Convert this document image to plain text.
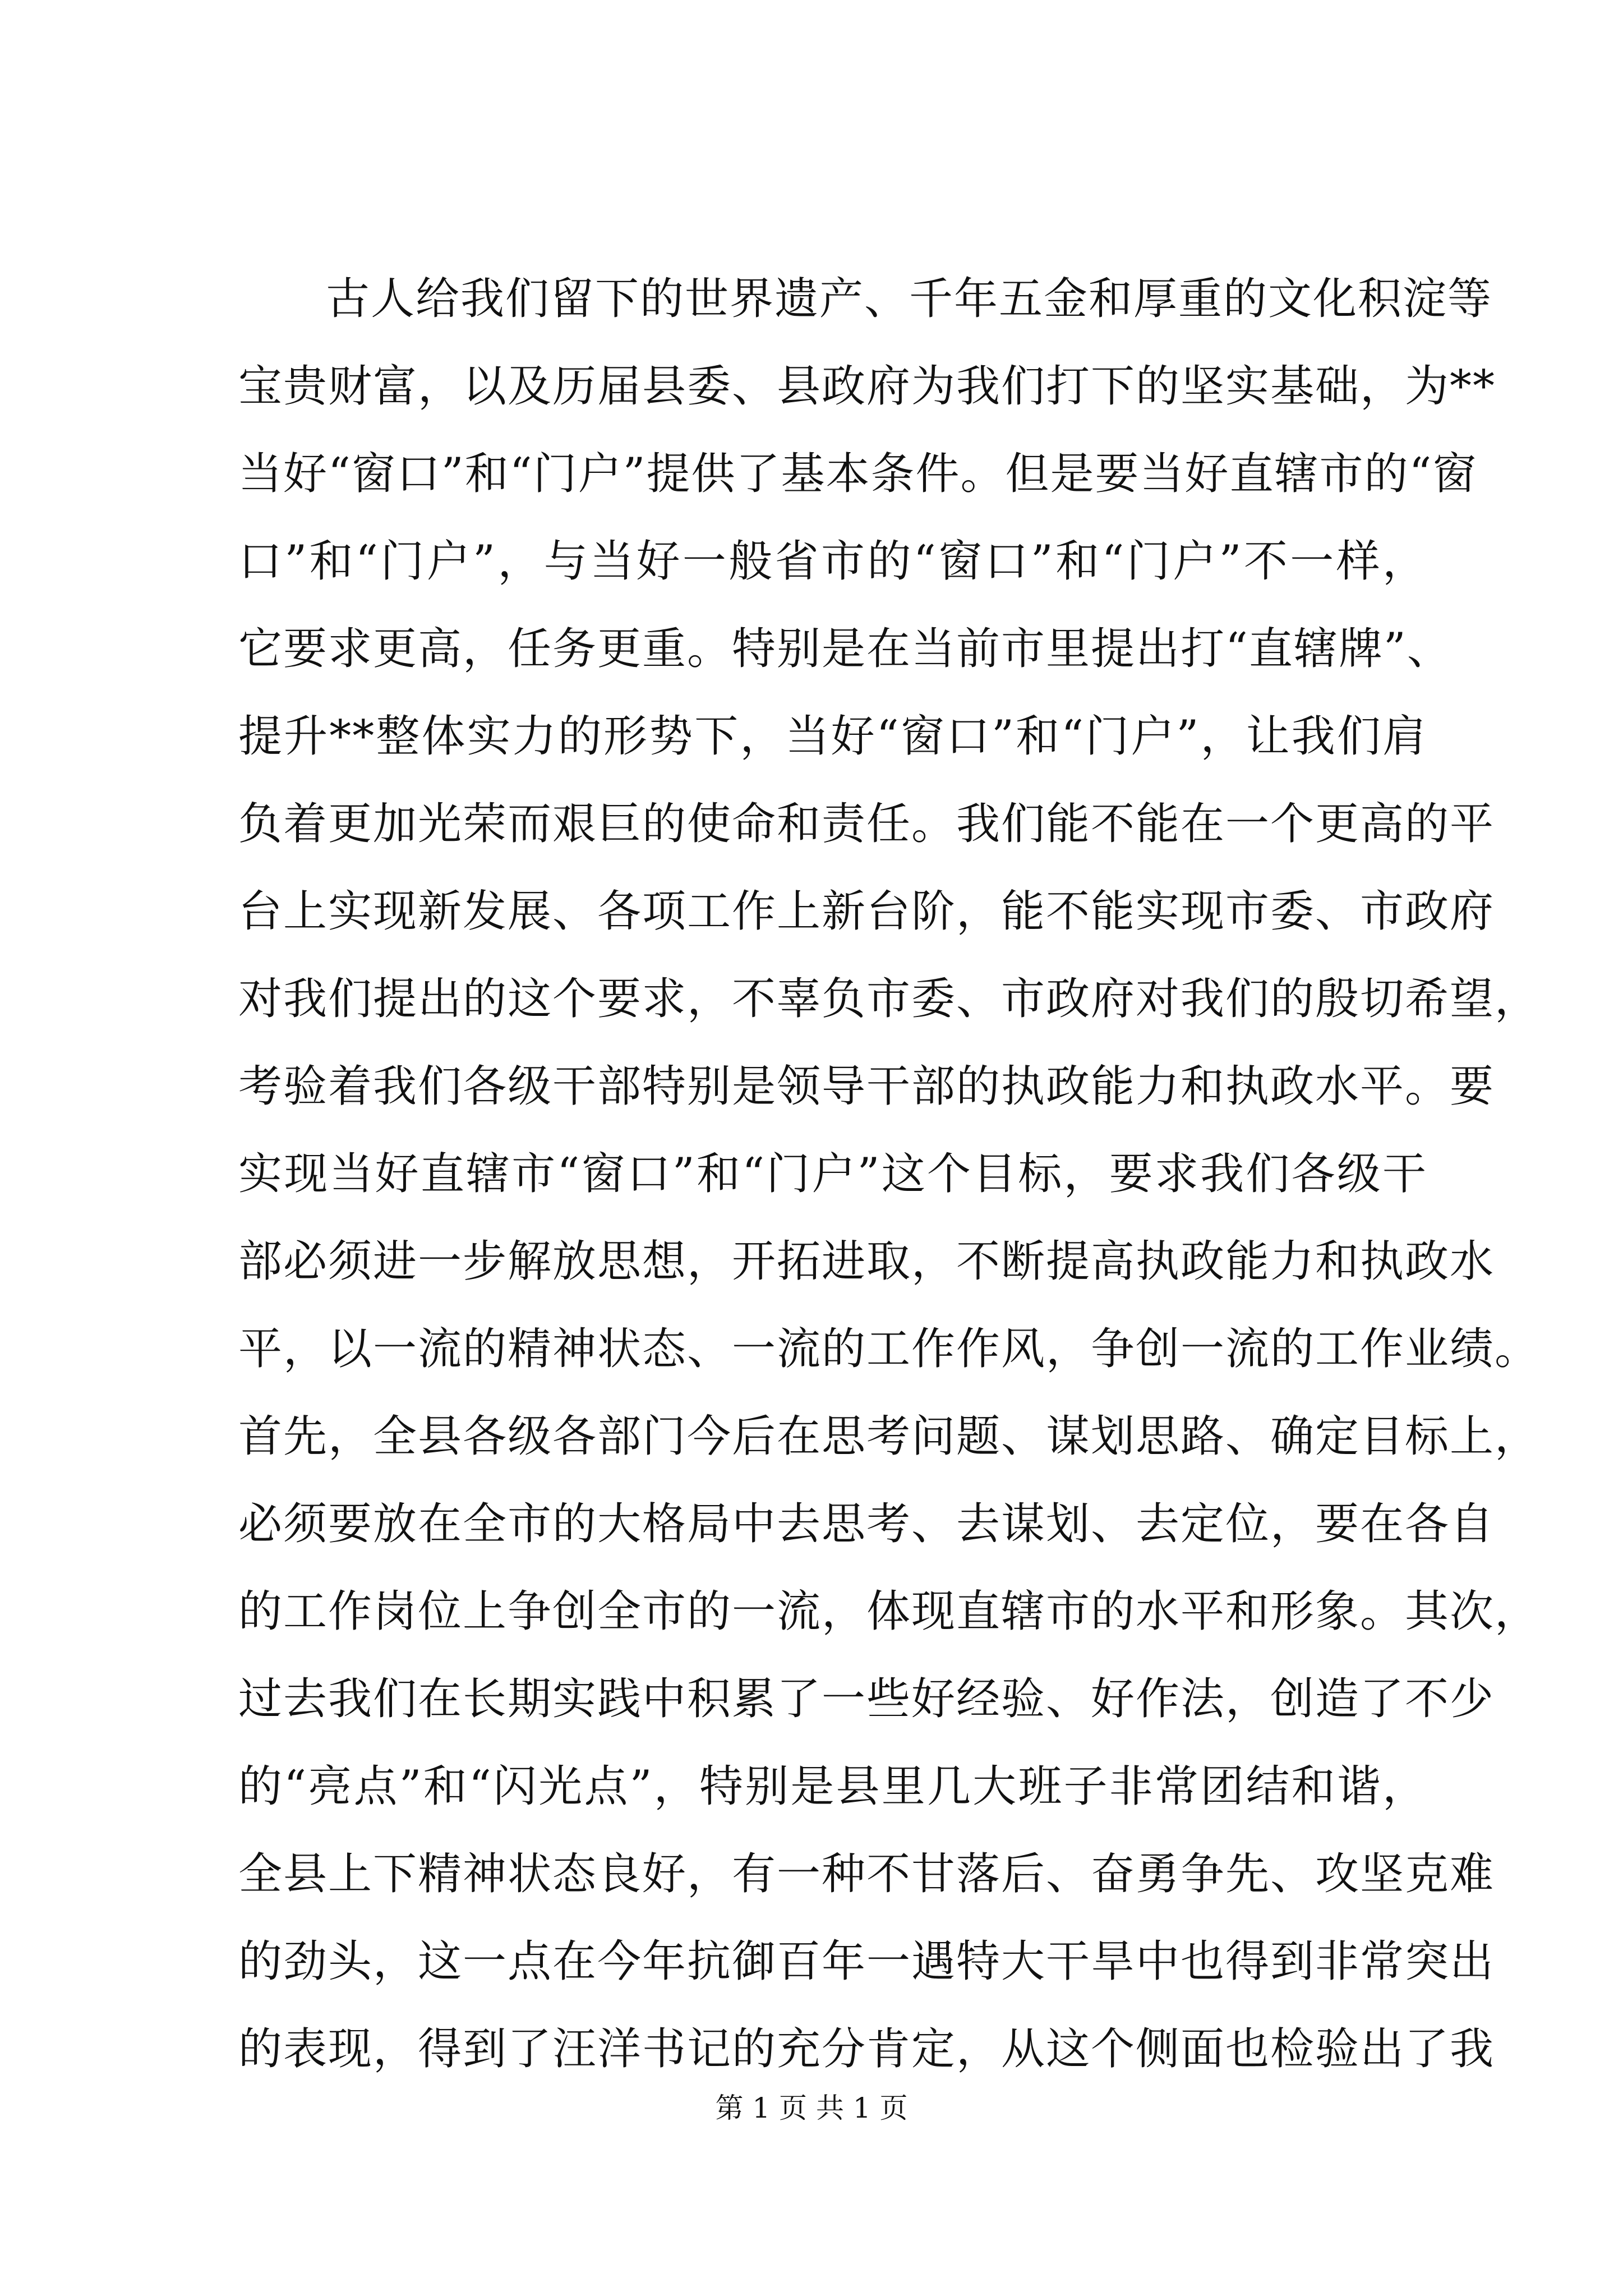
古人给我们留下的世界遗产、千年五金和厚重的文化积淀等
宝贵财富，以及历届县委、县政府为我们打下的坚实基础，为**
当好“窗口”和“门户”提供了基本条件。但是要当好直辖市的“窗
口”和“门户”，与当好一般省市的“窗口”和“门户”不一样，
它要求更高，任务更重。特别是在当前市里提出打“直辖牌”、
提升**整体实力的形势下，当好“窗口”和“门户”，让我们肩
负着更加光荣而艰巨的使命和责任。我们能不能在一个更高的平
台上实现新发展、各项工作上新台阶，能不能实现市委、市政府
对我们提出的这个要求，不辜负市委、市政府对我们的殷切希望，
考验着我们各级干部特别是领导干部的执政能力和执政水平。要
实现当好直辖市“窗口”和“门户”这个目标，要求我们各级干
部必须进一步解放思想，开拓进取，不断提高执政能力和执政水
平，以一流的精神状态、一流的工作作风，争创一流的工作业绩。
首先，全县各级各部门今后在思考问题、谋划思路、确定目标上，
必须要放在全市的大格局中去思考、去谋划、去定位，要在各自
的工作岗位上争创全市的一流，体现直辖市的水平和形象。其次，
过去我们在长期实践中积累了一些好经验、好作法，创造了不少
的“亮点”和“闪光点”，特别是县里几大班子非常团结和谐，
全县上下精神状态良好，有一种不甘落后、奋勇争先、攻坚克难
的劲头，这一点在今年抗御百年一遇特大干旱中也得到非常突出
的表现，得到了汪洋书记的充分肯定，从这个侧面也检验出了我
第 1 页 共 1 页
